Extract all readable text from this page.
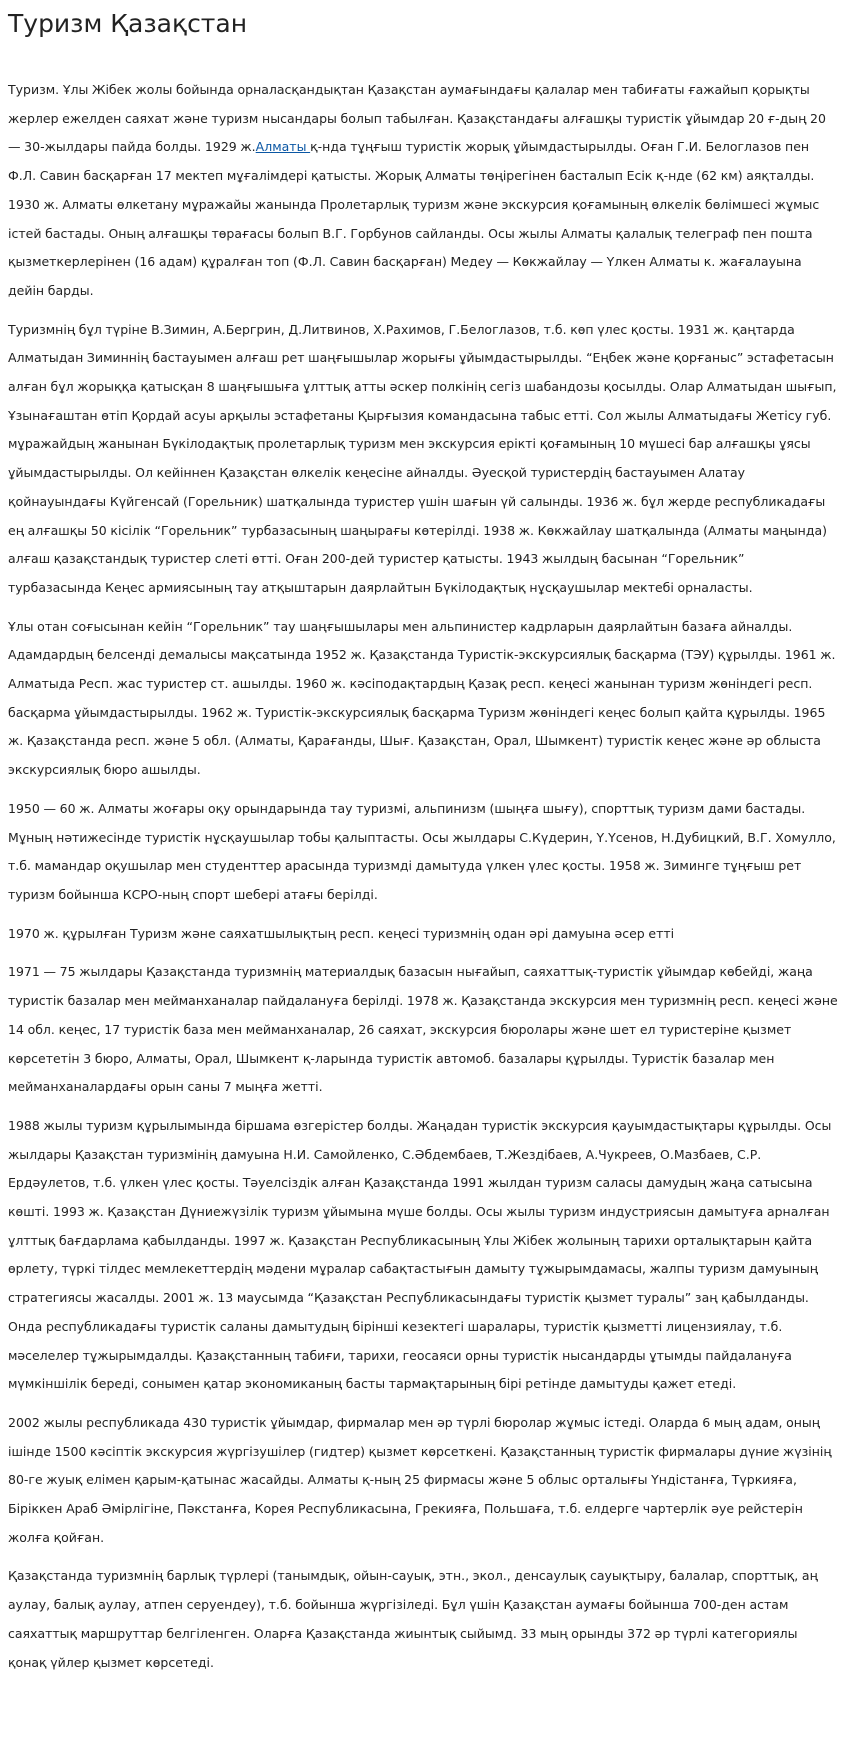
Туризм Қазақстан

Туризм. Ұлы Жібек жолы бойында орналасқандықтан Қазақстан аумағындағы қалалар мен табиғаты ғажайып қорықты жерлер ежелден саяхат және туризм нысандары болып табылған. Қазақстандағы алғашқы туристік ұйымдар 20 ғ-дың 20 — 30-жылдары пайда болды. 1929 ж.Алматы қ-нда тұңғыш туристік жорық ұйымдастырылды. Оған Г.И. Белоглазов пен Ф.Л. Савин басқарған 17 мектеп мұғалімдері қатысты. Жорық Алматы төңірегінен басталып Есік қ-нде (62 км) аяқталды. 1930 ж. Алматы өлкетану мұражайы жанында Пролетарлық туризм және экскурсия қоғамының өлкелік бөлімшесі жұмыс істей бастады. Оның алғашқы төрағасы болып В.Г. Горбунов сайланды. Осы жылы Алматы қалалық телеграф пен пошта қызметкерлерінен (16 адам) құралған топ (Ф.Л. Савин басқарған) Медеу — Көкжайлау — Үлкен Алматы к. жағалауына дейін барды.

Туризмнің бұл түріне В.Зимин, А.Бергрин, Д.Литвинов, Х.Рахимов, Г.Белоглазов, т.б. көп үлес қосты. 1931 ж. қаңтарда Алматыдан Зиминнің бастауымен алғаш рет шаңғышылар жорығы ұйымдастырылды. “Еңбек және қорғаныс” эстафетасын алған бұл жорыққа қатысқан 8 шаңғышыға ұлттық атты әскер полкінің сегіз шабандозы қосылды. Олар Алматыдан шығып, Ұзынағаштан өтіп Қордай асуы арқылы эстафетаны Қырғызия командасына табыс етті. Сол жылы Алматыдағы Жетісу губ. мұражайдың жанынан Бүкілодақтық пролетарлық туризм мен экскурсия ерікті қоғамының 10 мүшесі бар алғашқы ұясы ұйымдастырылды. Ол кейіннен Қазақстан өлкелік кеңесіне айналды. Әуесқой туристердің бастауымен Алатау қойнауындағы Күйгенсай (Горельник) шатқалында туристер үшін шағын үй салынды. 1936 ж. бұл жерде республикадағы ең алғашқы 50 кісілік “Горельник” турбазасының шаңырағы көтерілді. 1938 ж. Көкжайлау шатқалында (Алматы маңында) алғаш қазақстандық туристер слеті өтті. Оған 200-дей туристер қатысты. 1943 жылдың басынан “Горельник” турбазасында Кеңес армиясының тау атқыштарын даярлайтын Бүкілодақтық нұсқаушылар мектебі орналасты.

Ұлы отан соғысынан кейін “Горельник” тау шаңғышылары мен альпинистер кадрларын даярлайтын базаға айналды. Адамдардың белсенді демалысы мақсатында 1952 ж. Қазақстанда Туристік-экскурсиялық басқарма (ТЭУ) құрылды. 1961 ж. Алматыда Респ. жас туристер ст. ашылды. 1960 ж. кәсіподақтардың Қазақ респ. кеңесі жанынан туризм жөніндегі респ. басқарма ұйымдастырылды. 1962 ж. Туристік-экскурсиялық басқарма Туризм жөніндегі кеңес болып қайта құрылды. 1965 ж. Қазақстанда респ. және 5 обл. (Алматы, Қарағанды, Шығ. Қазақстан, Орал, Шымкент) туристік кеңес және әр облыста экскурсиялық бюро ашылды.

1950 — 60 ж. Алматы жоғары оқу орындарында тау туризмі, альпинизм (шыңға шығу), спорттық туризм дами бастады. Мұның нәтижесінде туристік нұсқаушылар тобы қалыптасты. Осы жылдары С.Күдерин, Ү.Үсенов, Н.Дубицкий, В.Г. Хомулло, т.б. мамандар оқушылар мен студенттер арасында туризмді дамытуда үлкен үлес қосты. 1958 ж. Зиминге тұңғыш рет туризм бойынша КСРО-ның спорт шебері атағы берілді.

1970 ж. құрылған Туризм және саяхатшылықтың респ. кеңесі туризмнің одан әрі дамуына әсер етті

1971 — 75 жылдары Қазақстанда туризмнің материалдық базасын нығайып, саяхаттық-туристік ұйымдар көбейді, жаңа туристік базалар мен мейманханалар пайдалануға берілді. 1978 ж. Қазақстанда экскурсия мен туризмнің респ. кеңесі және 14 обл. кеңес, 17 туристік база мен мейманханалар, 26 саяхат, экскурсия бюролары және шет ел туристеріне қызмет көрсететін 3 бюро, Алматы, Орал, Шымкент қ-ларында туристік автомоб. базалары құрылды. Туристік базалар мен мейманханалардағы орын саны 7 мыңға жетті.

1988 жылы туризм құрылымында біршама өзгерістер болды. Жаңадан туристік экскурсия қауымдастықтары құрылды. Осы жылдары Қазақстан туризмінің дамуына Н.И. Самойленко, С.Әбдембаев, Т.Жездібаев, А.Чукреев, О.Мазбаев, С.Р. Ердәулетов, т.б. үлкен үлес қосты. Тәуелсіздік алған Қазақстанда 1991 жылдан туризм саласы дамудың жаңа сатысына көшті. 1993 ж. Қазақстан Дүниежүзілік туризм ұйымына мүше болды. Осы жылы туризм индустриясын дамытуға арналған ұлттық бағдарлама қабылданды. 1997 ж. Қазақстан Республикасының Ұлы Жібек жолының тарихи орталықтарын қайта өрлету, түркі тілдес мемлекеттердің мәдени мұралар сабақтастығын дамыту тұжырымдамасы, жалпы туризм дамуының стратегиясы жасалды. 2001 ж. 13 маусымда “Қазақстан Республикасындағы туристік қызмет туралы” заң қабылданды. Онда республикадағы туристік саланы дамытудың бірінші кезектегі шаралары, туристік қызметті лицензиялау, т.б. мәселелер тұжырымдалды. Қазақстанның табиғи, тарихи, геосаяси орны туристік нысандарды ұтымды пайдалануға мүмкіншілік береді, сонымен қатар экономиканың басты тармақтарының бірі ретінде дамытуды қажет етеді.

2002 жылы республикада 430 туристік ұйымдар, фирмалар мен әр түрлі бюролар жұмыс істеді. Оларда 6 мың адам, оның ішінде 1500 кәсіптік экскурсия жүргізушілер (гидтер) қызмет көрсеткені. Қазақстанның туристік фирмалары дүние жүзінің 80-ге жуық елімен қарым-қатынас жасайды. Алматы қ-ның 25 фирмасы және 5 облыс орталығы Үндістанға, Түркияға, Біріккен Араб Әмірлігіне, Пәкстанға, Корея Республикасына, Грекияға, Польшаға, т.б. елдерге чартерлік әуе рейстерін жолға қойған.

Қазақстанда туризмнің барлық түрлері (танымдық, ойын-сауық, этн., экол., денсаулық сауықтыру, балалар, спорттық, аң аулау, балық аулау, атпен серуендеу), т.б. бойынша жүргізіледі. Бұл үшін Қазақстан аумағы бойынша 700-ден астам саяхаттық маршруттар белгіленген. Оларға Қазақстанда жиынтық сыйымд. 33 мың орынды 372 әр түрлі категориялы қонақ үйлер қызмет көрсетеді.
